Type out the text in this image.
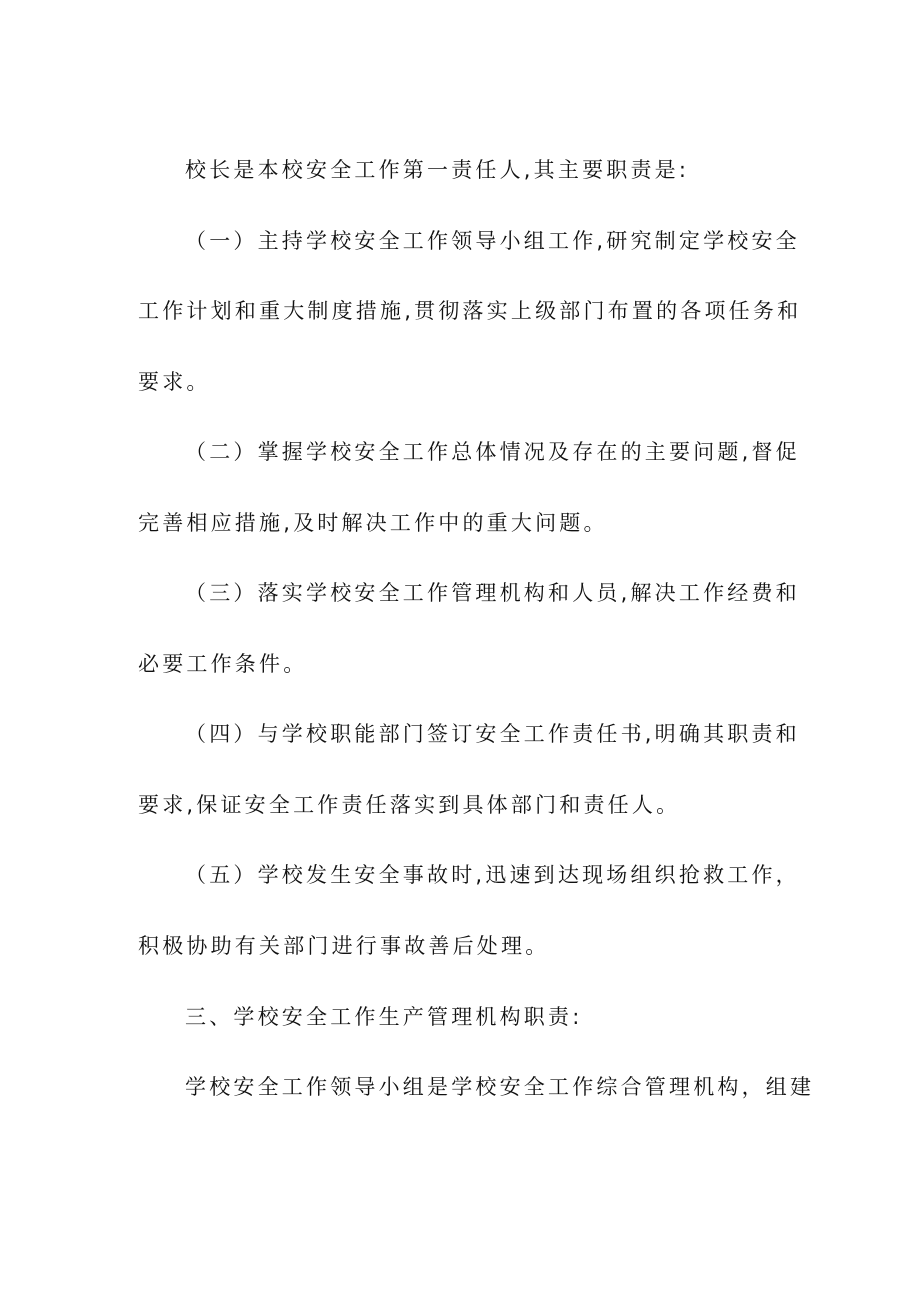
校长是本校安全工作第一责任人,其主要职责是:
（一）主持学校安全工作领导小组工作,研究制定学校安全
工作计划和重大制度措施,贯彻落实上级部门布置的各项任务和
要求。
（二）掌握学校安全工作总体情况及存在的主要问题,督促
完善相应措施,及时解决工作中的重大问题。
（三）落实学校安全工作管理机构和人员,解决工作经费和
必要工作条件。
（四）与学校职能部门签订安全工作责任书,明确其职责和
要求,保证安全工作责任落实到具体部门和责任人。
（五）学校发生安全事故时,迅速到达现场组织抢救工作，
积极协助有关部门进行事故善后处理。
三、学校安全工作生产管理机构职责:
学校安全工作领导小组是学校安全工作综合管理机构，组建
